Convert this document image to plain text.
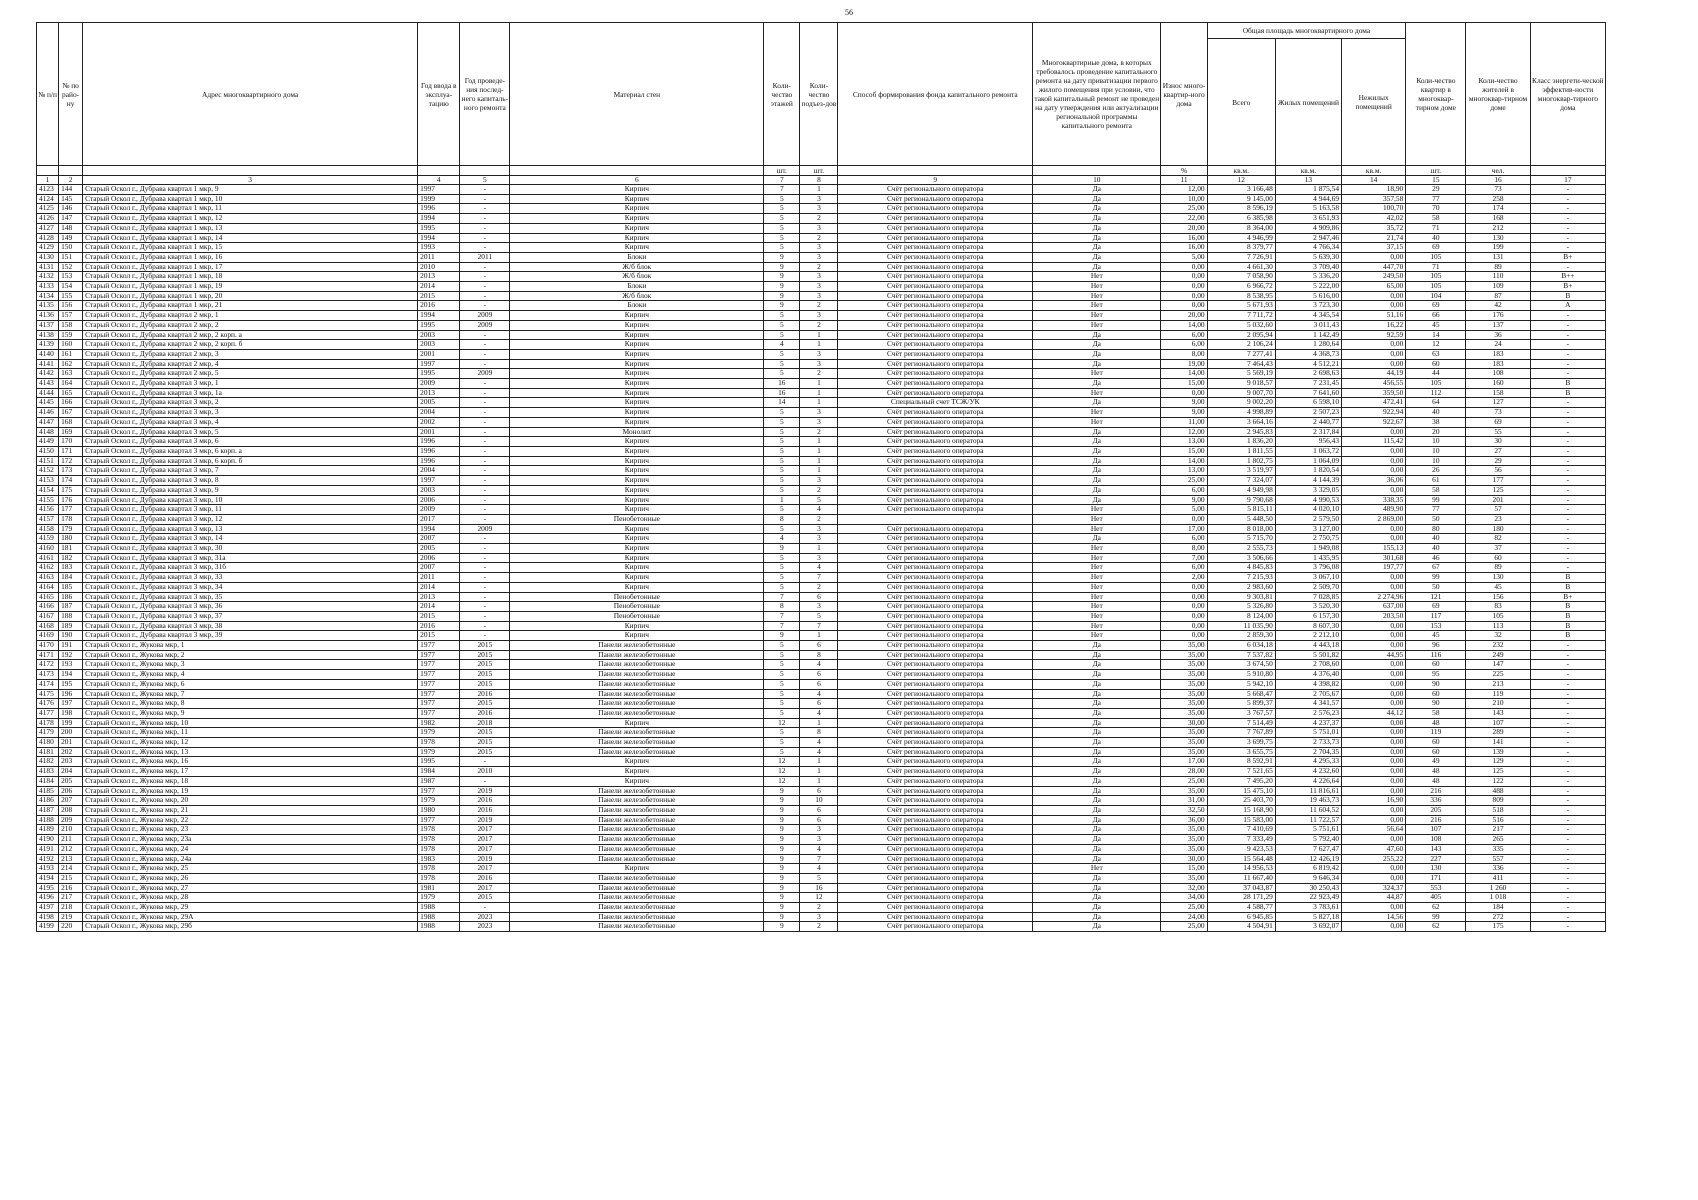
56
№ п/п	№ по райо-ну	Адрес многоквартирного дома	Год ввода в эксплуа-тацию	Год проведе-ния послед-него капиталь-ного ремонта	Материал стен	Коли-чество этажей	Коли-чество подъез-дов	Способ формирования фонда капитального ремонта	Многоквартирные дома, в которых требовалось проведение капитального ремонта на дату приватизации первого жилого помещения при условии, что такой капитальный ремонт не проведен на дату утверждения или актуализации региональной программы капитального ремонта	Износ много-квартир-ного дома	Общая площадь многоквартирного дома			Коли-чество квартир в многоквар-тирном доме	Коли-чество жителей в многоквар-тирном доме	Класс энергети-ческой эффектив-ности многоквар-тирного дома
											Всего	Жилых помещений	Нежилых помещений			
						шт.	шт.			%	кв.м.	кв.м.	кв.м.	шт.	чел.	
1	2	3	4	5	6	7	8	9	10	11	12	13	14	15	16	17
4123	144	Старый Оскол г., Дубрава квартал 1 мкр, 9	1997	-	Кирпич	7	1	Счёт регионального оператора	Да	12,00	3 166,48	1 875,54	18,90	29	73	-
4124	145	Старый Оскол г., Дубрава квартал 1 мкр, 10	1999	-	Кирпич	5	3	Счёт регионального оператора	Да	10,00	9 145,00	4 944,69	357,58	77	258	-
4125	146	Старый Оскол г., Дубрава квартал 1 мкр, 11	1996	-	Кирпич	5	3	Счёт регионального оператора	Да	25,00	8 596,19	5 163,58	100,70	70	174	-
4126	147	Старый Оскол г., Дубрава квартал 1 мкр, 12	1994	-	Кирпич	5	2	Счёт регионального оператора	Да	22,00	6 385,98	3 651,93	42,02	58	168	-
4127	148	Старый Оскол г., Дубрава квартал 1 мкр, 13	1995	-	Кирпич	5	3	Счёт регионального оператора	Да	20,00	8 364,00	4 909,86	35,72	71	212	-
4128	149	Старый Оскол г., Дубрава квартал 1 мкр, 14	1994	-	Кирпич	5	2	Счёт регионального оператора	Да	16,00	4 946,99	2 947,46	21,74	40	130	-
4129	150	Старый Оскол г., Дубрава квартал 1 мкр, 15	1993	-	Кирпич	5	3	Счёт регионального оператора	Да	16,00	8 379,77	4 766,34	37,15	69	199	-
4130	151	Старый Оскол г., Дубрава квартал 1 мкр, 16	2011	2011	Блоки	9	3	Счёт регионального оператора	Да	5,00	7 726,91	5 639,30	0,00	105	131	B+
4131	152	Старый Оскол г., Дубрава квартал 1 мкр, 17	2010	-	Ж/б блок	9	2	Счёт регионального оператора	Да	0,00	4 661,30	3 709,40	447,70	71	89	-
4132	153	Старый Оскол г., Дубрава квартал 1 мкр, 18	2013	-	Ж/б блок	9	3	Счёт регионального оператора	Нет	0,00	7 058,90	5 336,20	249,50	105	110	B++
4133	154	Старый Оскол г., Дубрава квартал 1 мкр, 19	2014	-	Блоки	9	3	Счёт регионального оператора	Нет	0,00	6 966,72	5 222,00	65,00	105	109	B+
4134	155	Старый Оскол г., Дубрава квартал 1 мкр, 20	2015	-	Ж/б блок	9	3	Счёт регионального оператора	Нет	0,00	8 538,95	5 616,00	0,00	104	87	B
4135	156	Старый Оскол г., Дубрава квартал 1 мкр, 21	2016	-	Блоки	9	2	Счёт регионального оператора	Нет	0,00	5 671,93	3 723,30	0,00	69	42	A
4136	157	Старый Оскол г., Дубрава квартал 2 мкр, 1	1994	2009	Кирпич	5	3	Счёт регионального оператора	Нет	20,00	7 711,72	4 345,54	51,16	66	176	-
4137	158	Старый Оскол г., Дубрава квартал 2 мкр, 2	1995	2009	Кирпич	5	2	Счёт регионального оператора	Нет	14,00	5 032,60	3 011,43	16,22	45	137	-
4138	159	Старый Оскол г., Дубрава квартал 2 мкр, 2 корп. а	2003	-	Кирпич	5	1	Счёт регионального оператора	Да	6,00	2 095,94	1 142,49	92,59	14	36	-
4139	160	Старый Оскол г., Дубрава квартал 2 мкр, 2 корп. б	2003	-	Кирпич	4	1	Счёт регионального оператора	Да	6,00	2 106,24	1 280,64	0,00	12	24	-
4140	161	Старый Оскол г., Дубрава квартал 2 мкр, 3	2001	-	Кирпич	5	3	Счёт регионального оператора	Да	8,00	7 277,41	4 368,73	0,00	63	183	-
4141	162	Старый Оскол г., Дубрава квартал 2 мкр, 4	1997	-	Кирпич	5	3	Счёт регионального оператора	Да	19,00	7 464,43	4 512,21	0,00	60	183	-
4142	163	Старый Оскол г., Дубрава квартал 2 мкр, 5	1995	2009	Кирпич	5	2	Счёт регионального оператора	Нет	14,00	5 569,19	2 698,63	44,19	44	108	-
4143	164	Старый Оскол г., Дубрава квартал 3 мкр, 1	2009	-	Кирпич	16	1	Счёт регионального оператора	Да	15,00	9 018,57	7 231,45	456,55	105	160	B
4144	165	Старый Оскол г., Дубрава квартал 3 мкр, 1а	2013	-	Кирпич	16	1	Счёт регионального оператора	Нет	0,00	9 007,70	7 641,60	359,50	112	158	B
4145	166	Старый Оскол г., Дубрава квартал 3 мкр, 2	2005	-	Кирпич	14	1	Специальный счет ТСЖ/УК	Да	9,00	9 002,20	6 598,10	472,41	64	127	-
4146	167	Старый Оскол г., Дубрава квартал 3 мкр, 3	2004	-	Кирпич	5	3	Счёт регионального оператора	Нет	9,00	4 998,89	2 507,23	922,94	40	73	-
4147	168	Старый Оскол г., Дубрава квартал 3 мкр, 4	2002	-	Кирпич	5	3	Счёт регионального оператора	Нет	11,00	3 664,16	2 440,77	922,67	38	69	-
4148	169	Старый Оскол г., Дубрава квартал 3 мкр, 5	2001	-	Монолит	5	2	Счёт регионального оператора	Да	12,00	2 945,83	2 317,84	0,00	20	55	-
4149	170	Старый Оскол г., Дубрава квартал 3 мкр, 6	1996	-	Кирпич	5	1	Счёт регионального оператора	Да	13,00	1 836,20	956,43	115,42	10	30	-
4150	171	Старый Оскол г., Дубрава квартал 3 мкр, 6 корп. а	1996	-	Кирпич	5	1	Счёт регионального оператора	Да	15,00	1 811,55	1 063,72	0,00	10	27	-
4151	172	Старый Оскол г., Дубрава квартал 3 мкр, 6 корп. б	1996	-	Кирпич	5	1	Счёт регионального оператора	Да	14,00	1 802,75	1 064,09	0,00	10	29	-
4152	173	Старый Оскол г., Дубрава квартал 3 мкр, 7	2004	-	Кирпич	5	1	Счёт регионального оператора	Да	13,00	3 519,97	1 820,54	0,00	26	56	-
4153	174	Старый Оскол г., Дубрава квартал 3 мкр, 8	1997	-	Кирпич	5	3	Счёт регионального оператора	Да	25,00	7 324,07	4 144,39	36,06	61	177	-
4154	175	Старый Оскол г., Дубрава квартал 3 мкр, 9	2003	-	Кирпич	5	2	Счёт регионального оператора	Да	6,00	4 949,98	3 329,05	0,00	58	125	-
4155	176	Старый Оскол г., Дубрава квартал 3 мкр, 10	2006	-	Кирпич	1	5	Счёт регионального оператора	Да	9,00	9 790,68	4 990,53	338,35	99	201	-
4156	177	Старый Оскол г., Дубрава квартал 3 мкр, 11	2009	-	Кирпич	5	4	Счёт регионального оператора	Нет	5,00	5 815,11	4 020,10	489,90	77	57	-
4157	178	Старый Оскол г., Дубрава квартал 3 мкр, 12	2017	-	Пенобетонные	8	2		Нет	0,00	5 448,50	2 579,50	2 869,00	50	23	-
4158	179	Старый Оскол г., Дубрава квартал 3 мкр, 13	1994	2009	Кирпич	5	3	Счёт регионального оператора	Нет	17,00	8 018,00	3 127,00	0,00	80	180	-
4159	180	Старый Оскол г., Дубрава квартал 3 мкр, 14	2007	-	Кирпич	4	3	Счёт регионального оператора	Да	6,00	5 715,70	2 750,75	0,00	40	82	-
4160	181	Старый Оскол г., Дубрава квартал 3 мкр, 30	2005	-	Кирпич	9	1	Счёт регионального оператора	Нет	8,00	2 555,73	1 949,08	155,13	40	37	-
4161	182	Старый Оскол г., Дубрава квартал 3 мкр, 31а	2006	-	Кирпич	5	3	Счёт регионального оператора	Нет	7,00	3 506,66	1 435,95	301,68	46	60	-
4162	183	Старый Оскол г., Дубрава квартал 3 мкр, 31б	2007	-	Кирпич	5	4	Счёт регионального оператора	Нет	6,00	4 845,83	3 796,08	197,77	67	89	-
4163	184	Старый Оскол г., Дубрава квартал 3 мкр, 33	2011	-	Кирпич	5	7	Счёт регионального оператора	Нет	2,00	7 215,93	3 067,10	0,00	99	130	B
4164	185	Старый Оскол г., Дубрава квартал 3 мкр, 34	2014	-	Кирпич	5	2	Счёт регионального оператора	Нет	0,00	2 983,60	2 509,70	0,00	50	45	B
4165	186	Старый Оскол г., Дубрава квартал 3 мкр, 35	2013	-	Пенобетонные	7	6	Счёт регионального оператора	Нет	0,00	9 303,81	7 028,85	2 274,96	121	156	B+
4166	187	Старый Оскол г., Дубрава квартал 3 мкр, 36	2014	-	Пенобетонные	8	3	Счёт регионального оператора	Нет	0,00	5 326,80	3 520,30	637,00	69	83	B
4167	188	Старый Оскол г., Дубрава квартал 3 мкр, 37	2015	-	Пенобетонные	7	5	Счёт регионального оператора	Нет	0,00	8 124,00	6 157,30	203,50	117	105	B
4168	189	Старый Оскол г., Дубрава квартал 3 мкр, 38	2016	-	Кирпич	7	7	Счёт регионального оператора	Нет	0,00	11 035,90	8 607,30	0,00	153	113	B
4169	190	Старый Оскол г., Дубрава квартал 3 мкр, 39	2015	-	Кирпич	9	1	Счёт регионального оператора	Нет	0,00	2 859,30	2 212,10	0,00	45	32	B
4170	191	Старый Оскол г., Жукова мкр, 1	1977	2015	Панели железобетонные	5	6	Счёт регионального оператора	Да	35,00	6 034,18	4 443,18	0,00	96	232	-
4171	192	Старый Оскол г., Жукова мкр, 2	1977	2015	Панели железобетонные	5	8	Счёт регионального оператора	Да	35,00	7 537,82	5 501,82	44,95	116	249	-
4172	193	Старый Оскол г., Жукова мкр, 3	1977	2015	Панели железобетонные	5	4	Счёт регионального оператора	Да	35,00	3 674,50	2 708,60	0,00	60	147	-
4173	194	Старый Оскол г., Жукова мкр, 4	1977	2015	Панели железобетонные	5	6	Счёт регионального оператора	Да	35,00	5 910,80	4 376,40	0,00	95	225	-
4174	195	Старый Оскол г., Жукова мкр, 6	1977	2015	Панели железобетонные	5	6	Счёт регионального оператора	Да	35,00	5 942,10	4 398,82	0,00	90	213	-
4175	196	Старый Оскол г., Жукова мкр, 7	1977	2016	Панели железобетонные	5	4	Счёт регионального оператора	Да	35,00	5 668,47	2 705,67	0,00	60	119	-
4176	197	Старый Оскол г., Жукова мкр, 8	1977	2015	Панели железобетонные	5	6	Счёт регионального оператора	Да	35,00	5 899,37	4 341,57	0,00	90	210	-
4177	198	Старый Оскол г., Жукова мкр, 9	1977	2016	Панели железобетонные	5	4	Счёт регионального оператора	Да	35,00	3 767,57	2 576,23	44,12	58	143	-
4178	199	Старый Оскол г., Жукова мкр, 10	1982	2018	Кирпич	12	1	Счёт регионального оператора	Да	30,00	7 514,49	4 237,37	0,00	48	107	-
4179	200	Старый Оскол г., Жукова мкр, 11	1979	2015	Панели железобетонные	5	8	Счёт регионального оператора	Да	35,00	7 767,89	5 751,01	0,00	119	289	-
4180	201	Старый Оскол г., Жукова мкр, 12	1978	2015	Панели железобетонные	5	4	Счёт регионального оператора	Да	35,00	3 699,75	2 733,73	0,00	60	141	-
4181	202	Старый Оскол г., Жукова мкр, 13	1979	2015	Панели железобетонные	5	4	Счёт регионального оператора	Да	35,00	3 655,75	2 704,35	0,00	60	139	-
4182	203	Старый Оскол г., Жукова мкр, 16	1995	-	Кирпич	12	1	Счёт регионального оператора	Да	17,00	8 592,91	4 295,33	0,00	49	129	-
4183	204	Старый Оскол г., Жукова мкр, 17	1984	2010	Кирпич	12	1	Счёт регионального оператора	Да	28,00	7 521,65	4 232,60	0,00	48	125	-
4184	205	Старый Оскол г., Жукова мкр, 18	1987	-	Кирпич	12	1	Счёт регионального оператора	Да	25,00	7 495,20	4 226,64	0,00	48	122	-
4185	206	Старый Оскол г., Жукова мкр, 19	1977	2019	Панели железобетонные	9	6	Счёт регионального оператора	Да	35,00	15 475,10	11 816,61	0,00	216	488	-
4186	207	Старый Оскол г., Жукова мкр, 20	1979	2016	Панели железобетонные	9	10	Счёт регионального оператора	Да	31,00	25 403,70	19 463,73	16,90	336	809	-
4187	208	Старый Оскол г., Жукова мкр, 21	1980	2016	Панели железобетонные	9	6	Счёт регионального оператора	Да	32,50	15 168,90	11 604,52	0,00	205	518	-
4188	209	Старый Оскол г., Жукова мкр, 22	1977	2019	Панели железобетонные	9	6	Счёт регионального оператора	Да	36,00	15 583,00	11 722,57	0,00	216	516	-
4189	210	Старый Оскол г., Жукова мкр, 23	1978	2017	Панели железобетонные	9	3	Счёт регионального оператора	Да	35,00	7 410,69	5 751,61	56,64	107	217	-
4190	211	Старый Оскол г., Жукова мкр, 23а	1978	2017	Панели железобетонные	9	3	Счёт регионального оператора	Да	35,00	7 333,49	5 792,40	0,00	108	265	-
4191	212	Старый Оскол г., Жукова мкр, 24	1978	2017	Панели железобетонные	9	4	Счёт регионального оператора	Да	35,00	9 423,53	7 627,47	47,60	143	335	-
4192	213	Старый Оскол г., Жукова мкр, 24а	1983	2019	Панели железобетонные	9	7	Счёт регионального оператора	Да	30,00	15 564,48	12 426,19	255,22	227	557	-
4193	214	Старый Оскол г., Жукова мкр, 25	1978	2017	Кирпич	9	4	Счёт регионального оператора	Нет	15,00	14 956,53	6 819,42	0,00	130	336	-
4194	215	Старый Оскол г., Жукова мкр, 26	1978	2016	Панели железобетонные	9	5	Счёт регионального оператора	Да	35,00	11 667,40	9 646,34	0,00	171	411	-
4195	216	Старый Оскол г., Жукова мкр, 27	1981	2017	Панели железобетонные	9	16	Счёт регионального оператора	Да	32,00	37 043,87	30 250,43	324,37	553	1 260	-
4196	217	Старый Оскол г., Жукова мкр, 28	1979	2015	Панели железобетонные	9	12	Счёт регионального оператора	Да	34,00	28 171,29	22 923,49	44,87	405	1 018	-
4197	218	Старый Оскол г., Жукова мкр, 29	1988	-	Панели железобетонные	9	2	Счёт регионального оператора	Да	25,00	4 588,77	3 783,61	0,00	62	184	-
4198	219	Старый Оскол г., Жукова мкр, 29А	1988	2023	Панели железобетонные	9	3	Счёт регионального оператора	Да	24,00	6 945,85	5 827,18	14,56	99	272	-
4199	220	Старый Оскол г., Жукова мкр, 29б	1988	2023	Панели железобетонные	9	2	Счёт регионального оператора	Да	25,00	4 504,91	3 692,07	0,00	62	175	-
